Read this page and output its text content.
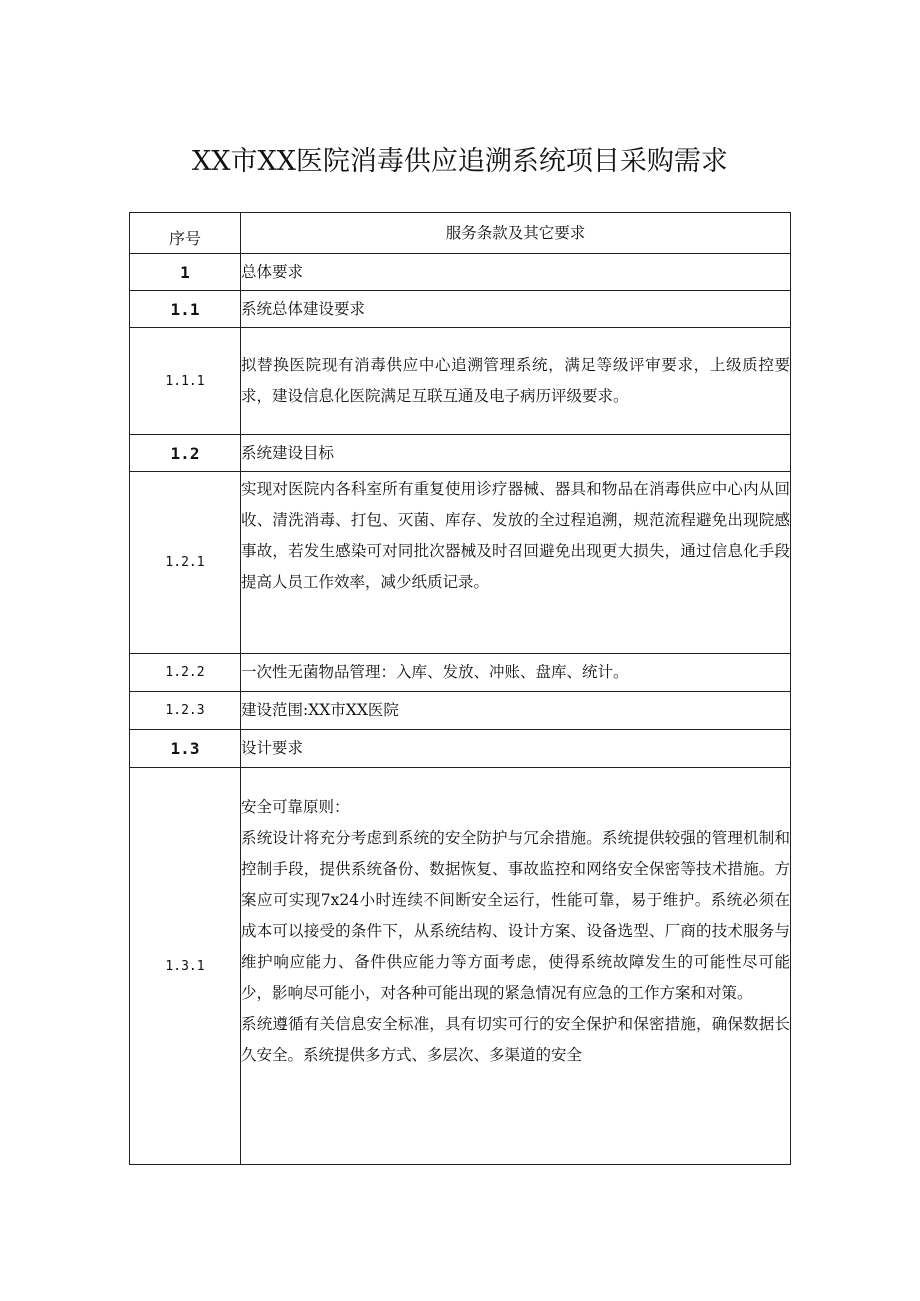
XX市XX医院消毒供应追溯系统项目采购需求
序号	服务条款及其它要求
1	总体要求
1.1	系统总体建设要求
1.1.1	拟替换医院现有消毒供应中心追溯管理系统，满足等级评审要求，上级质控要求，建设信息化医院满足互联互通及电子病历评级要求。
1.2	系统建设目标
1.2.1	实现对医院内各科室所有重复使用诊疗器械、器具和物品在消毒供应中心内从回收、清洗消毒、打包、灭菌、库存、发放的全过程追溯，规范流程避免出现院感事故，若发生感染可对同批次器械及时召回避免出现更大损失，通过信息化手段提高人员工作效率，减少纸质记录。
1.2.2	一次性无菌物品管理：入库、发放、冲账、盘库、统计。
1.2.3	建设范围:XX市XX医院
1.3	设计要求
1.3.1	安全可靠原则：
系统设计将充分考虑到系统的安全防护与冗余措施。系统提供较强的管理机制和控制手段，提供系统备份、数据恢复、事故监控和网络安全保密等技术措施。方案应可实现7x24小时连续不间断安全运行，性能可靠，易于维护。系统必须在成本可以接受的条件下，从系统结构、设计方案、设备选型、厂商的技术服务与维护响应能力、备件供应能力等方面考虑，使得系统故障发生的可能性尽可能少，影响尽可能小，对各种可能出现的紧急情况有应急的工作方案和对策。
系统遵循有关信息安全标准，具有切实可行的安全保护和保密措施，确保数据长久安全。系统提供多方式、多层次、多渠道的安全
